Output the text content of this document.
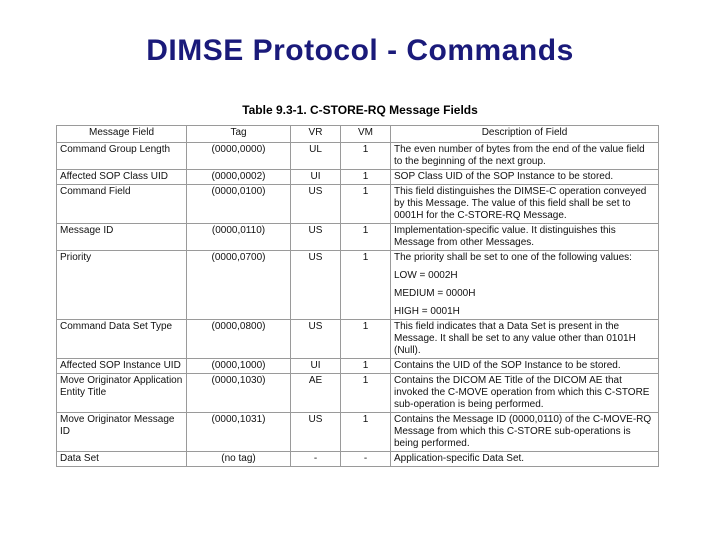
DIMSE Protocol - Commands
Table 9.3-1. C-STORE-RQ Message Fields
Message Field	Tag	VR	VM	Description of Field
Command Group Length	(0000,0000)	UL	1	The even number of bytes from the end of the value field to the beginning of the next group.

Affected SOP Class UID	(0000,0002)	UI	1	SOP Class UID of the SOP Instance to be stored.

Command Field	(0000,0100)	US	1	This field distinguishes the DIMSE-C operation conveyed by this Message. The value of this field shall be set to 0001H for the C-STORE-RQ Message.

Message ID	(0000,0110)	US	1	Implementation-specific value. It distinguishes this Message from other Messages.

Priority	(0000,0700)	US	1	The priority shall be set to one of the following values:

LOW = 0002H

MEDIUM = 0000H

HIGH = 0001H

Command Data Set Type	(0000,0800)	US	1	This field indicates that a Data Set is present in the Message. It shall be set to any value other than 0101H (Null).

Affected SOP Instance UID	(0000,1000)	UI	1	Contains the UID of the SOP Instance to be stored.

Move Originator Application Entity Title	(0000,1030)	AE	1	Contains the DICOM AE Title of the DICOM AE that invoked the C-MOVE operation from which this C-STORE sub-operation is being performed.

Move Originator Message ID	(0000,1031)	US	1	Contains the Message ID (0000,0110) of the C-MOVE-RQ Message from which this C-STORE sub-operations is being performed.

Data Set	(no tag)	-	-	Application-specific Data Set.
